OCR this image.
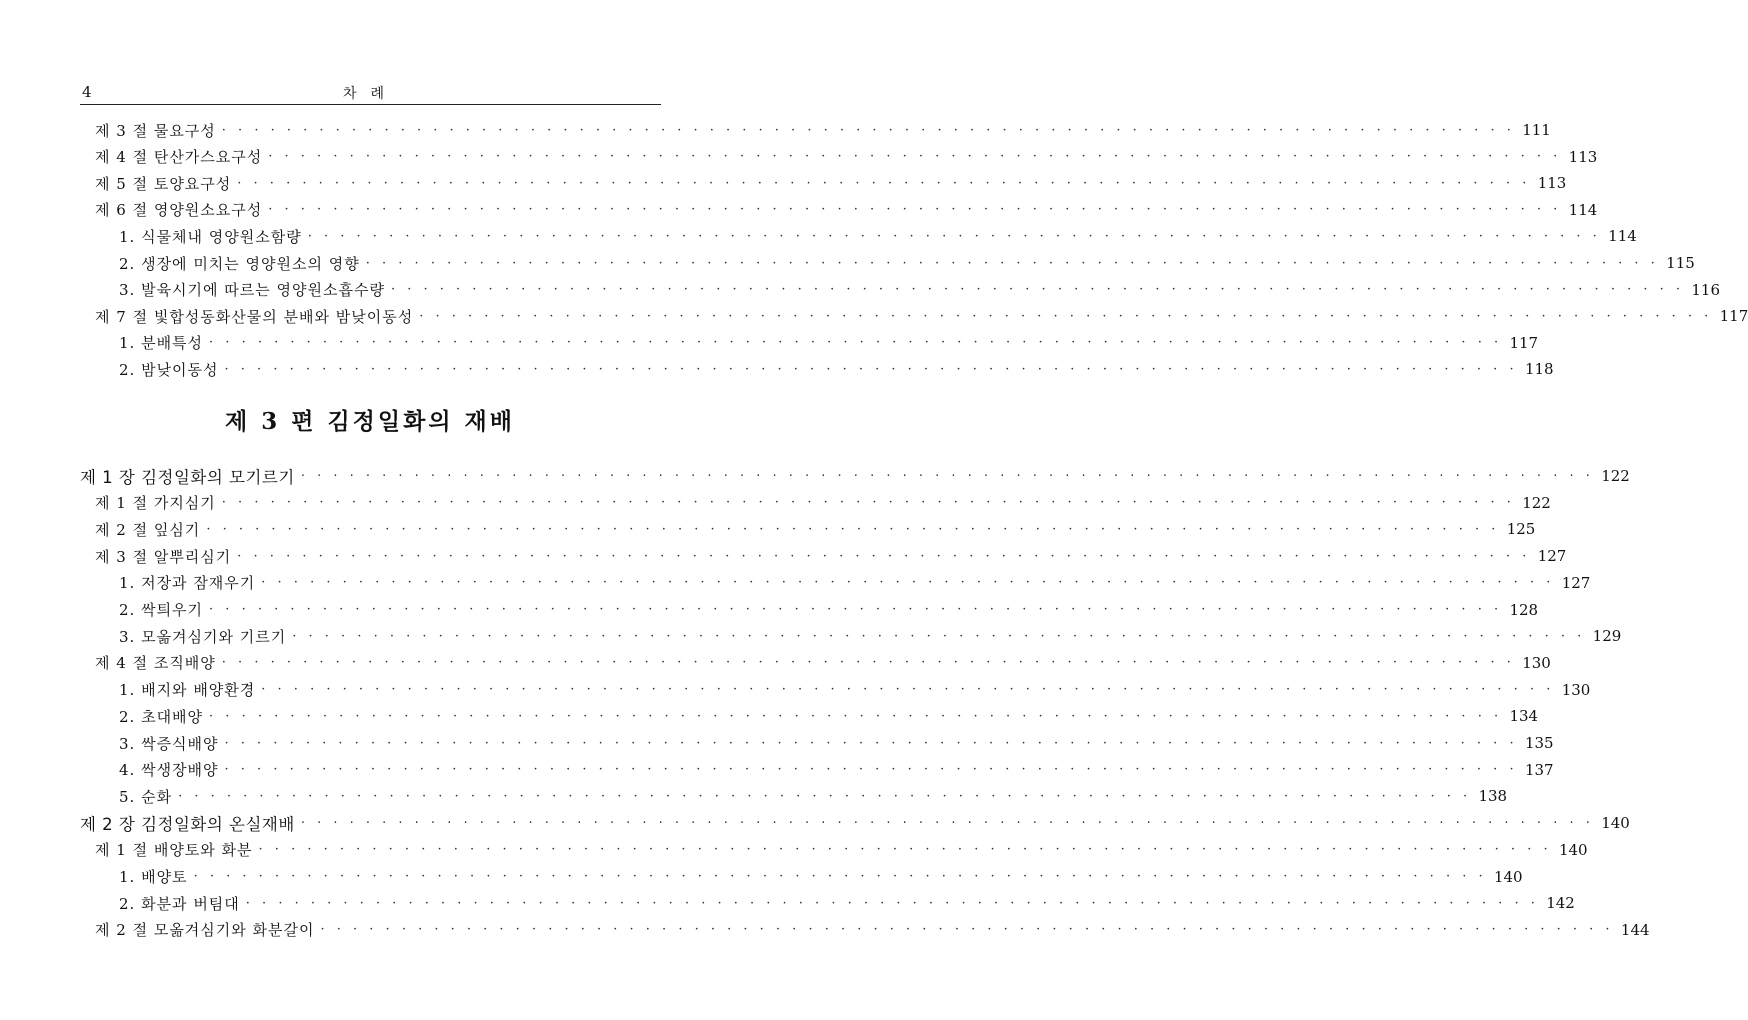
4	차례
제 3 절 물요구성 · · · · · · · · · · · · · · · · · · · · · · · · · · · · · · · · · · · · · · · · · · · · · · · · · · · · · · · · · · · · · · · · · · · · · · · · · · · · · · · · 111
제 4 절 탄산가스요구성 · · · · · · · · · · · · · · · · · · · · · · · · · · · · · · · · · · · · · · · · · · · · · · · · · · · · · · · · · · · · · · · · · · · · · · · · · · · · · · · · 113
제 5 절 토양요구성 · · · · · · · · · · · · · · · · · · · · · · · · · · · · · · · · · · · · · · · · · · · · · · · · · · · · · · · · · · · · · · · · · · · · · · · · · · · · · · · · 113
제 6 절 영양원소요구성 · · · · · · · · · · · · · · · · · · · · · · · · · · · · · · · · · · · · · · · · · · · · · · · · · · · · · · · · · · · · · · · · · · · · · · · · · · · · · · · · 114
1. 식물체내 영양원소함량 · · · · · · · · · · · · · · · · · · · · · · · · · · · · · · · · · · · · · · · · · · · · · · · · · · · · · · · · · · · · · · · · · · · · · · · · · · · · · · · · 114
2. 생장에 미치는 영양원소의 영향 · · · · · · · · · · · · · · · · · · · · · · · · · · · · · · · · · · · · · · · · · · · · · · · · · · · · · · · · · · · · · · · · · · · · · · · · · · · · · · · · 115
3. 발육시기에 따르는 영양원소흡수량 · · · · · · · · · · · · · · · · · · · · · · · · · · · · · · · · · · · · · · · · · · · · · · · · · · · · · · · · · · · · · · · · · · · · · · · · · · · · · · · · 116
제 7 절 빛합성동화산물의 분배와 밤낮이동성 · · · · · · · · · · · · · · · · · · · · · · · · · · · · · · · · · · · · · · · · · · · · · · · · · · · · · · · · · · · · · · · · · · · · · · · · · · · · · · · · 117
1. 분배특성 · · · · · · · · · · · · · · · · · · · · · · · · · · · · · · · · · · · · · · · · · · · · · · · · · · · · · · · · · · · · · · · · · · · · · · · · · · · · · · · · 117
2. 밤낮이동성 · · · · · · · · · · · · · · · · · · · · · · · · · · · · · · · · · · · · · · · · · · · · · · · · · · · · · · · · · · · · · · · · · · · · · · · · · · · · · · · · 118
제 3 편 김정일화의 재배
제 1 장 김정일화의 모기르기 · · · · · · · · · · · · · · · · · · · · · · · · · · · · · · · · · · · · · · · · · · · · · · · · · · · · · · · · · · · · · · · · · · · · · · · · · · · · · · · · 122
제 1 절 가지심기 · · · · · · · · · · · · · · · · · · · · · · · · · · · · · · · · · · · · · · · · · · · · · · · · · · · · · · · · · · · · · · · · · · · · · · · · · · · · · · · · 122
제 2 절 잎심기 · · · · · · · · · · · · · · · · · · · · · · · · · · · · · · · · · · · · · · · · · · · · · · · · · · · · · · · · · · · · · · · · · · · · · · · · · · · · · · · · 125
제 3 절 알뿌리심기 · · · · · · · · · · · · · · · · · · · · · · · · · · · · · · · · · · · · · · · · · · · · · · · · · · · · · · · · · · · · · · · · · · · · · · · · · · · · · · · · 127
1. 저장과 잠재우기 · · · · · · · · · · · · · · · · · · · · · · · · · · · · · · · · · · · · · · · · · · · · · · · · · · · · · · · · · · · · · · · · · · · · · · · · · · · · · · · · 127
2. 싹틔우기 · · · · · · · · · · · · · · · · · · · · · · · · · · · · · · · · · · · · · · · · · · · · · · · · · · · · · · · · · · · · · · · · · · · · · · · · · · · · · · · · 128
3. 모옮겨심기와 기르기 · · · · · · · · · · · · · · · · · · · · · · · · · · · · · · · · · · · · · · · · · · · · · · · · · · · · · · · · · · · · · · · · · · · · · · · · · · · · · · · · 129
제 4 절 조직배양 · · · · · · · · · · · · · · · · · · · · · · · · · · · · · · · · · · · · · · · · · · · · · · · · · · · · · · · · · · · · · · · · · · · · · · · · · · · · · · · · 130
1. 배지와 배양환경 · · · · · · · · · · · · · · · · · · · · · · · · · · · · · · · · · · · · · · · · · · · · · · · · · · · · · · · · · · · · · · · · · · · · · · · · · · · · · · · · 130
2. 초대배양 · · · · · · · · · · · · · · · · · · · · · · · · · · · · · · · · · · · · · · · · · · · · · · · · · · · · · · · · · · · · · · · · · · · · · · · · · · · · · · · · 134
3. 싹증식배양 · · · · · · · · · · · · · · · · · · · · · · · · · · · · · · · · · · · · · · · · · · · · · · · · · · · · · · · · · · · · · · · · · · · · · · · · · · · · · · · · 135
4. 싹생장배양 · · · · · · · · · · · · · · · · · · · · · · · · · · · · · · · · · · · · · · · · · · · · · · · · · · · · · · · · · · · · · · · · · · · · · · · · · · · · · · · · 137
5. 순화 · · · · · · · · · · · · · · · · · · · · · · · · · · · · · · · · · · · · · · · · · · · · · · · · · · · · · · · · · · · · · · · · · · · · · · · · · · · · · · · · 138
제 2 장 김정일화의 온실재배 · · · · · · · · · · · · · · · · · · · · · · · · · · · · · · · · · · · · · · · · · · · · · · · · · · · · · · · · · · · · · · · · · · · · · · · · · · · · · · · · 140
제 1 절 배양토와 화분 · · · · · · · · · · · · · · · · · · · · · · · · · · · · · · · · · · · · · · · · · · · · · · · · · · · · · · · · · · · · · · · · · · · · · · · · · · · · · · · · 140
1. 배양토 · · · · · · · · · · · · · · · · · · · · · · · · · · · · · · · · · · · · · · · · · · · · · · · · · · · · · · · · · · · · · · · · · · · · · · · · · · · · · · · · 140
2. 화분과 버팀대 · · · · · · · · · · · · · · · · · · · · · · · · · · · · · · · · · · · · · · · · · · · · · · · · · · · · · · · · · · · · · · · · · · · · · · · · · · · · · · · · 142
제 2 절 모옮겨심기와 화분갈이 · · · · · · · · · · · · · · · · · · · · · · · · · · · · · · · · · · · · · · · · · · · · · · · · · · · · · · · · · · · · · · · · · · · · · · · · · · · · · · · · 144
